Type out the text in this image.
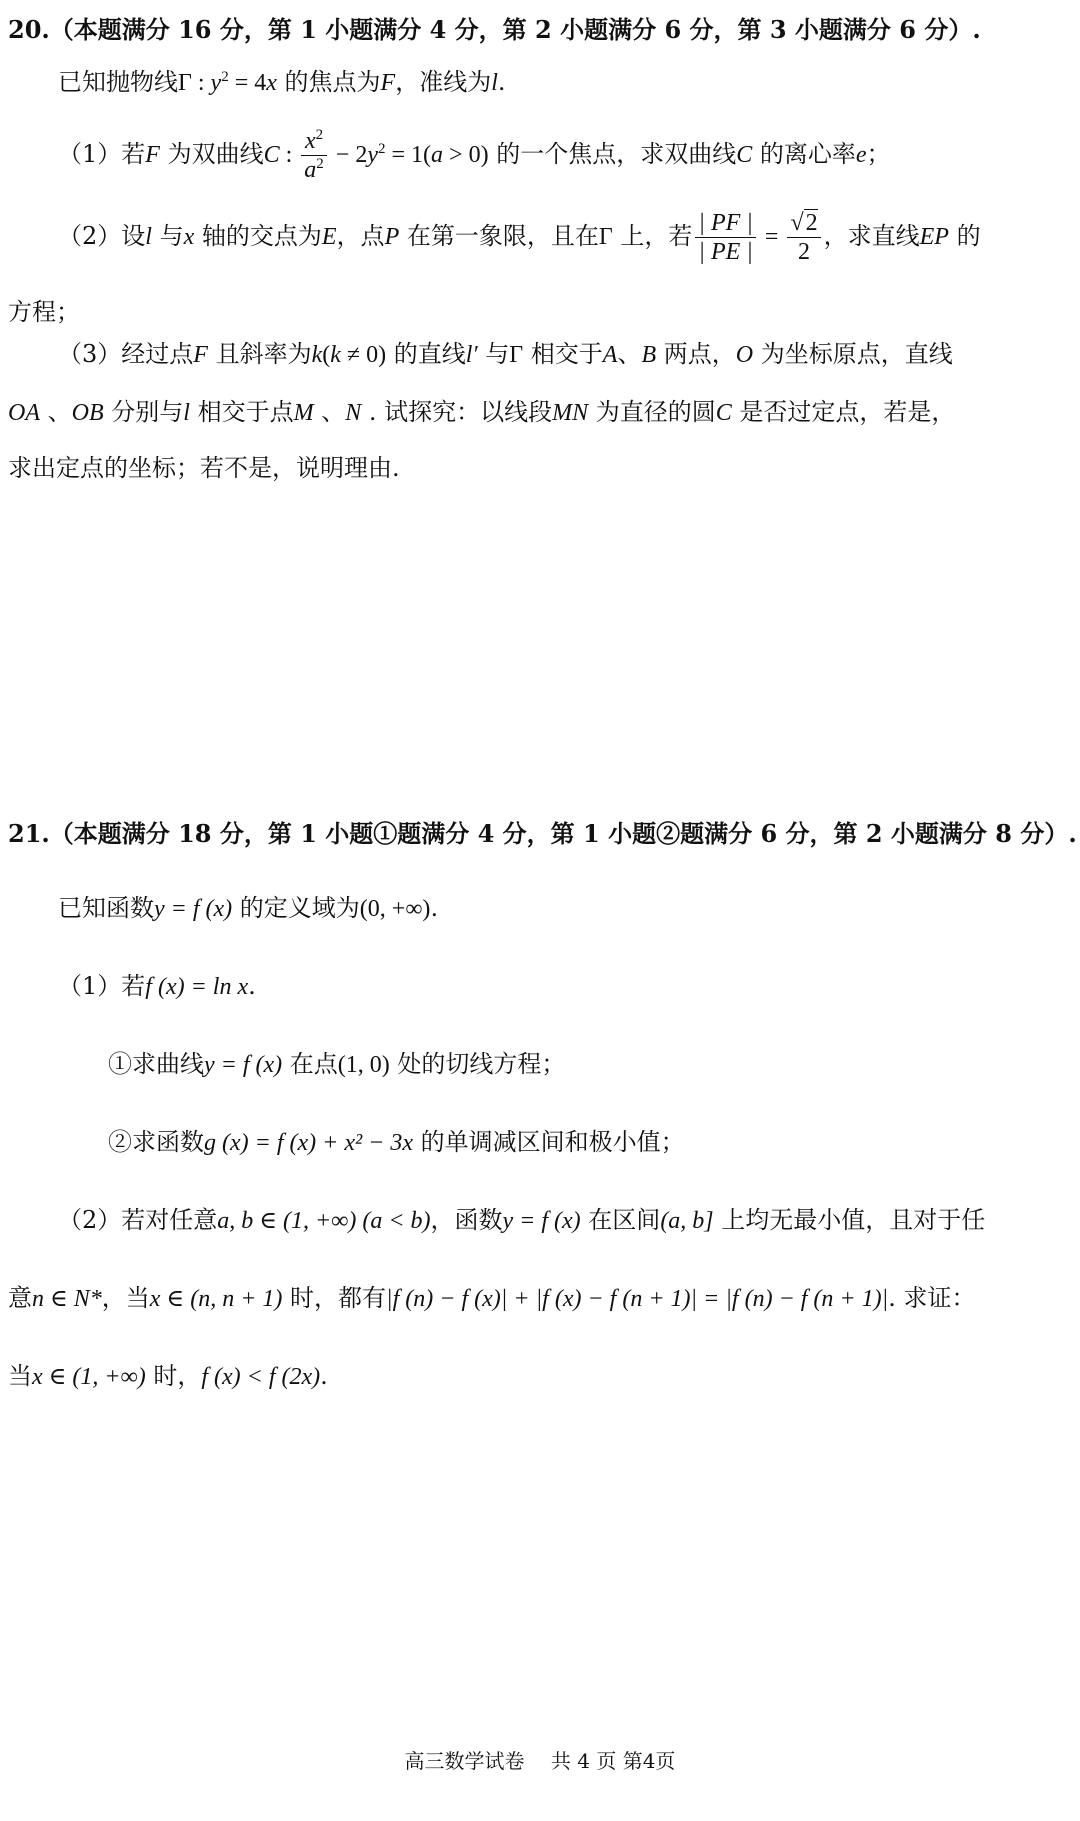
20.（本题满分 16 分，第 1 小题满分 4 分，第 2 小题满分 6 分，第 3 小题满分 6 分）.
已知抛物线Γ : $y^2 = 4x$ 的焦点为F，准线为l.
（1）若F 为双曲线C : $\frac{x^2}{a^2} - 2y^2 = 1(a > 0)$ 的一个焦点，求双曲线C 的离心率e；
（2）设l 与x 轴的交点为E，点P 在第一象限，且在Γ 上，若 $\frac{| PF |}{| PE |} = \frac{√2}{2}$ ，求直线EP 的
方程；
（3）经过点F 且斜率为k(k ≠ 0) 的直线l′ 与Γ 相交于A、B 两点，O 为坐标原点，直线
OA 、OB 分别与l 相交于点M 、N . 试探究：以线段MN 为直径的圆C 是否过定点，若是，
求出定点的坐标；若不是，说明理由.
21.（本题满分 18 分，第 1 小题①题满分 4 分，第 1 小题②题满分 6 分，第 2 小题满分 8 分）.
已知函数y = f (x) 的定义域为(0, +∞).
（1）若f (x) = ln x.
①求曲线y = f (x) 在点(1, 0) 处的切线方程；
②求函数g (x) = f (x) + x² − 3x 的单调减区间和极小值；
（2）若对任意a, b ∈ (1, +∞) (a < b)，函数y = f (x) 在区间(a, b] 上均无最小值，且对于任
意n ∈ N*，当x ∈ (n, n + 1) 时，都有|f (n) − f (x)| + |f (x) − f (n + 1)| = |f (n) − f (n + 1)|. 求证：
当x ∈ (1, +∞) 时，f (x) < f (2x).
高三数学试卷　 共 4 页 第4页
